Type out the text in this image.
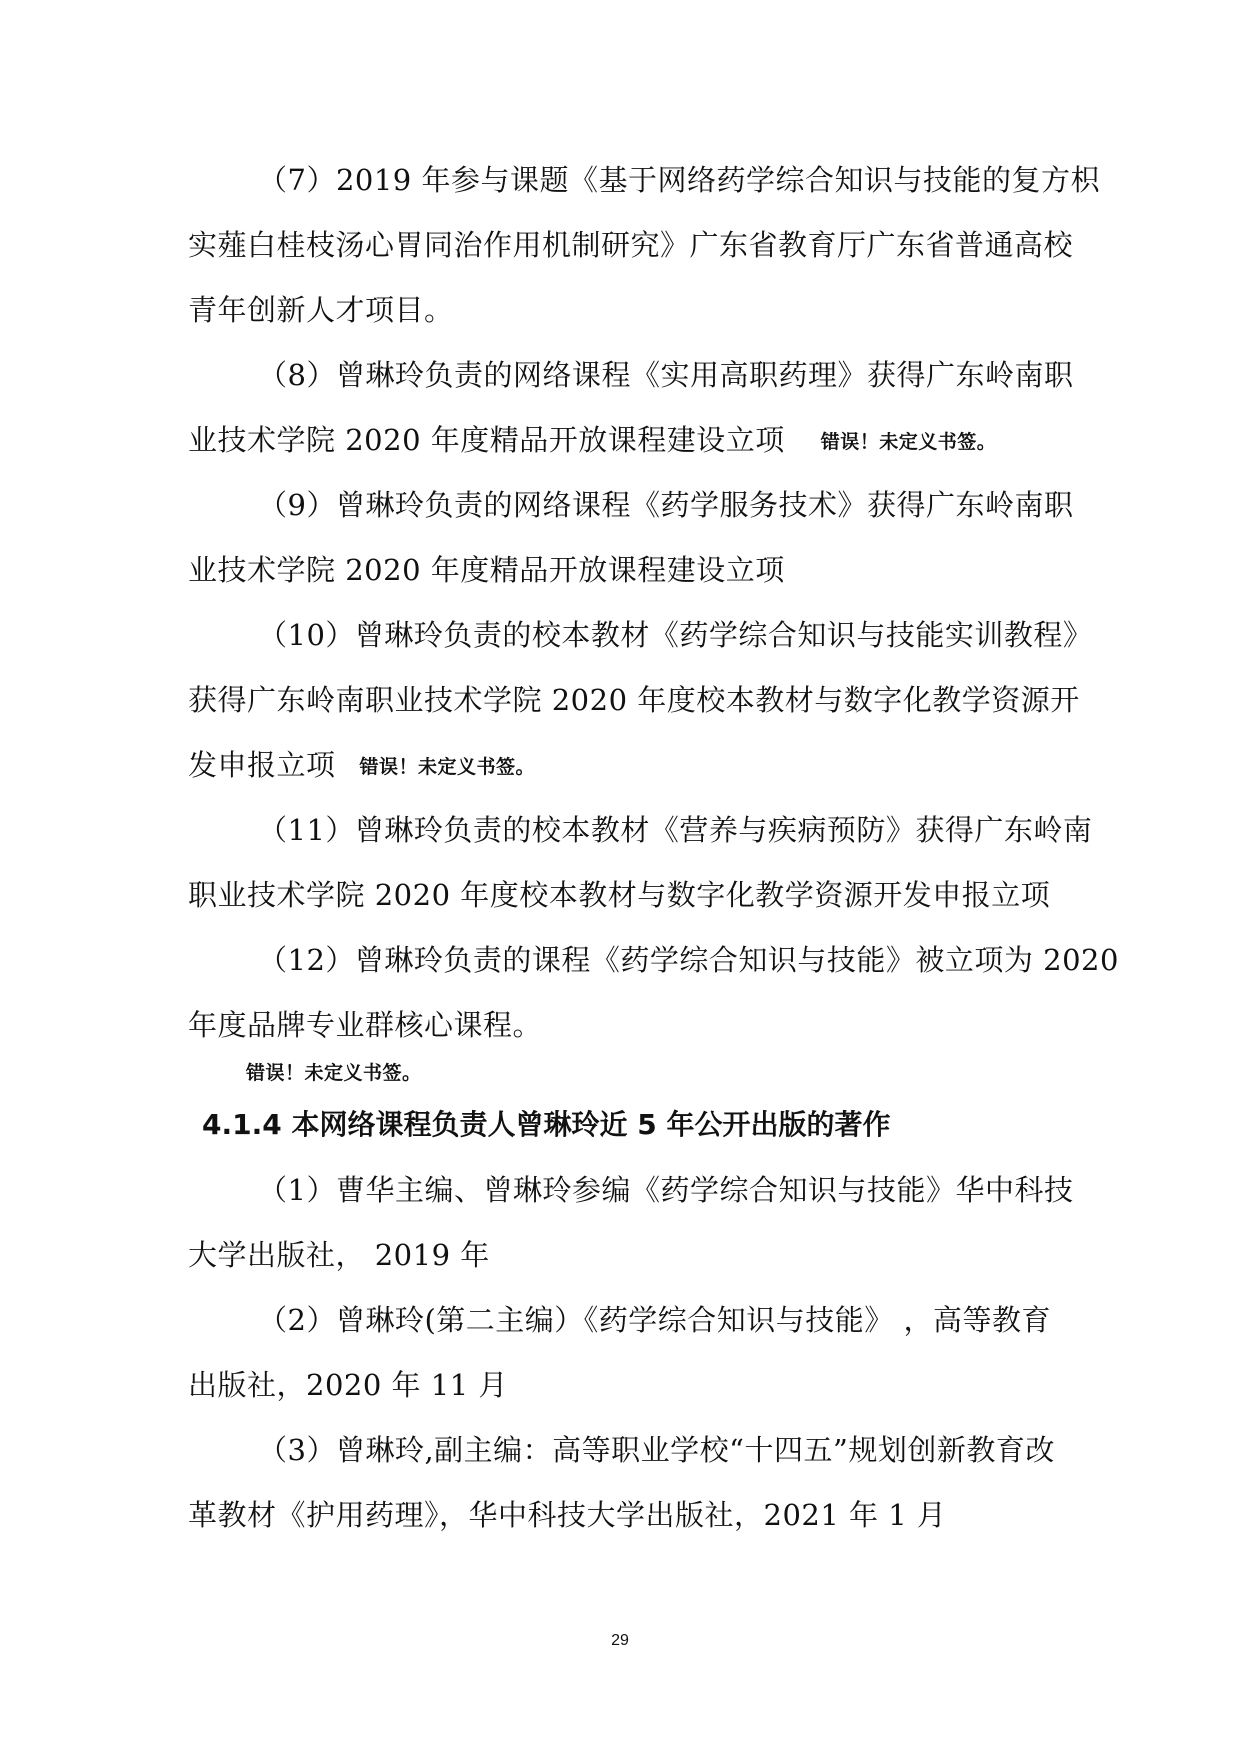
（7）2019 年参与课题《基于网络药学综合知识与技能的复方枳
实薤白桂枝汤心胃同治作用机制研究》广东省教育厅广东省普通高校
青年创新人才项目。
（8）曾琳玲负责的网络课程《实用高职药理》获得广东岭南职
业技术学院 2020 年度精品开放课程建设立项 错误！未定义书签。
（9）曾琳玲负责的网络课程《药学服务技术》获得广东岭南职
业技术学院 2020 年度精品开放课程建设立项
（10）曾琳玲负责的校本教材《药学综合知识与技能实训教程》
获得广东岭南职业技术学院 2020 年度校本教材与数字化教学资源开
发申报立项 错误！未定义书签。
（11）曾琳玲负责的校本教材《营养与疾病预防》获得广东岭南
职业技术学院 2020 年度校本教材与数字化教学资源开发申报立项
（12）曾琳玲负责的课程《药学综合知识与技能》被立项为 2020
年度品牌专业群核心课程。
错误！未定义书签。
4.1.4 本网络课程负责人曾琳玲近 5 年公开出版的著作
（1）曹华主编、曾琳玲参编《药学综合知识与技能》华中科技
大学出版社， 2019 年
（2）曾琳玲(第二主编）《药学综合知识与技能》 ，高等教育
出版社，2020 年 11 月
（3）曾琳玲,副主编：高等职业学校“十四五”规划创新教育改
革教材《护用药理》，华中科技大学出版社，2021 年 1 月
29
